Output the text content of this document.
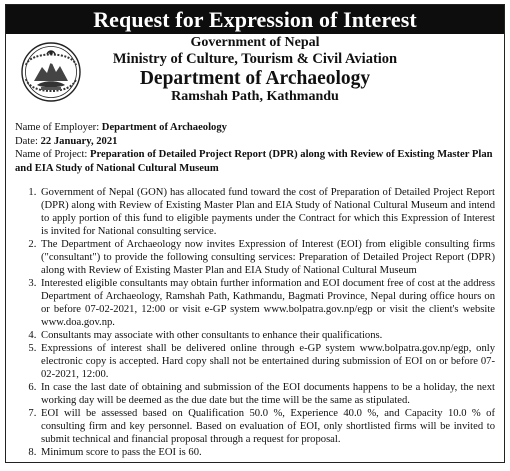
Request for Expression of Interest
Government of Nepal
Ministry of Culture, Tourism & Civil Aviation
Department of Archaeology
Ramshah Path, Kathmandu
Name of Employer: Department of Archaeology
Date: 22 January, 2021
Name of Project: Preparation of Detailed Project Report (DPR) along with Review of Existing Master Plan and EIA Study of National Cultural Museum
1. Government of Nepal (GON) has allocated fund toward the cost of Preparation of Detailed Project Report (DPR) along with Review of Existing Master Plan and EIA Study of National Cultural Museum and intend to apply portion of this fund to eligible payments under the Contract for which this Expression of Interest is invited for National consulting service.
2. The Department of Archaeology now invites Expression of Interest (EOI) from eligible consulting firms ("consultant") to provide the following consulting services: Preparation of Detailed Project Report (DPR) along with Review of Existing Master Plan and EIA Study of National Cultural Museum
3. Interested eligible consultants may obtain further information and EOI document free of cost at the address Department of Archaeology, Ramshah Path, Kathmandu, Bagmati Province, Nepal during office hours on or before 07-02-2021, 12:00 or visit e-GP system www.bolpatra.gov.np/egp or visit the client's website www.doa.gov.np.
4. Consultants may associate with other consultants to enhance their qualifications.
5. Expressions of interest shall be delivered online through e-GP system www.bolpatra.gov.np/egp, only electronic copy is accepted. Hard copy shall not be entertained during submission of EOI on or before 07-02-2021, 12:00.
6. In case the last date of obtaining and submission of the EOI documents happens to be a holiday, the next working day will be deemed as the due date but the time will be the same as stipulated.
7. EOI will be assessed based on Qualification 50.0 %, Experience 40.0 %, and Capacity 10.0 % of consulting firm and key personnel. Based on evaluation of EOI, only shortlisted firms will be invited to submit technical and financial proposal through a request for proposal.
8. Minimum score to pass the EOI is 60.
